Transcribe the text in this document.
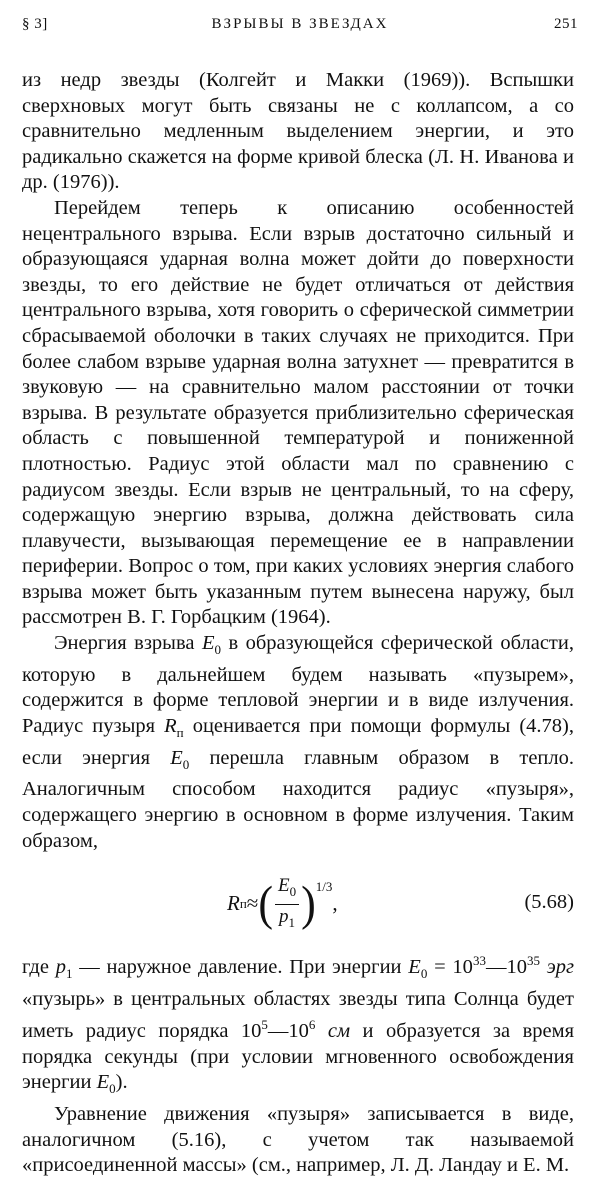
§ 3]	ВЗРЫВЫ В ЗВЕЗДАХ	251

из недр звезды (Колгейт и Макки (1969)). Вспышки сверхновых могут быть связаны не с коллапсом, а со сравнительно медленным выделением энергии, и это радикально скажется на форме кривой блеска (Л. Н. Иванова и др. (1976)).

Перейдем теперь к описанию особенностей нецентрального взрыва. Если взрыв достаточно сильный и образующаяся ударная волна может дойти до поверхности звезды, то его действие не будет отличаться от действия центрального взрыва, хотя говорить о сферической симметрии сбрасываемой оболочки в таких случаях не приходится. При более слабом взрыве ударная волна затухнет — превратится в звуковую — на сравнительно малом расстоянии от точки взрыва. В результате образуется приблизительно сферическая область с повышенной температурой и пониженной плотностью. Радиус этой области мал по сравнению с радиусом звезды. Если взрыв не центральный, то на сферу, содержащую энергию взрыва, должна действовать сила плавучести, вызывающая перемещение ее в направлении периферии. Вопрос о том, при каких условиях энергия слабого взрыва может быть указанным путем вынесена наружу, был рассмотрен В. Г. Горбацким (1964).

Энергия взрыва $E_0$ в образующейся сферической области, которую в дальнейшем будем называть «пузырем», содержится в форме тепловой энергии и в виде излучения. Радиус пузыря $R_п$ оценивается при помощи формулы (4.78), если энергия $E_0$ перешла главным образом в тепло. Аналогичным способом находится радиус «пузыря», содержащего энергию в основном в форме излучения. Таким образом,

R п ≈ ( $\frac{E_0}{p_1} )^{1/3}$
,	(5.68)

где $p_1$ — наружное давление. При энергии $E_0$ = $10^{33}—10^{35}$ эрг «пузырь» в центральных областях звезды типа Солнца будет иметь радиус порядка $10^5—10^6$ см и образуется за время порядка секунды (при условии мгновенного освобождения энергии $E_0$).

Уравнение движения «пузыря» записывается в виде, аналогичном (5.16), с учетом так называемой «присоединенной массы» (см., например, Л. Д. Ландау и Е. М.
